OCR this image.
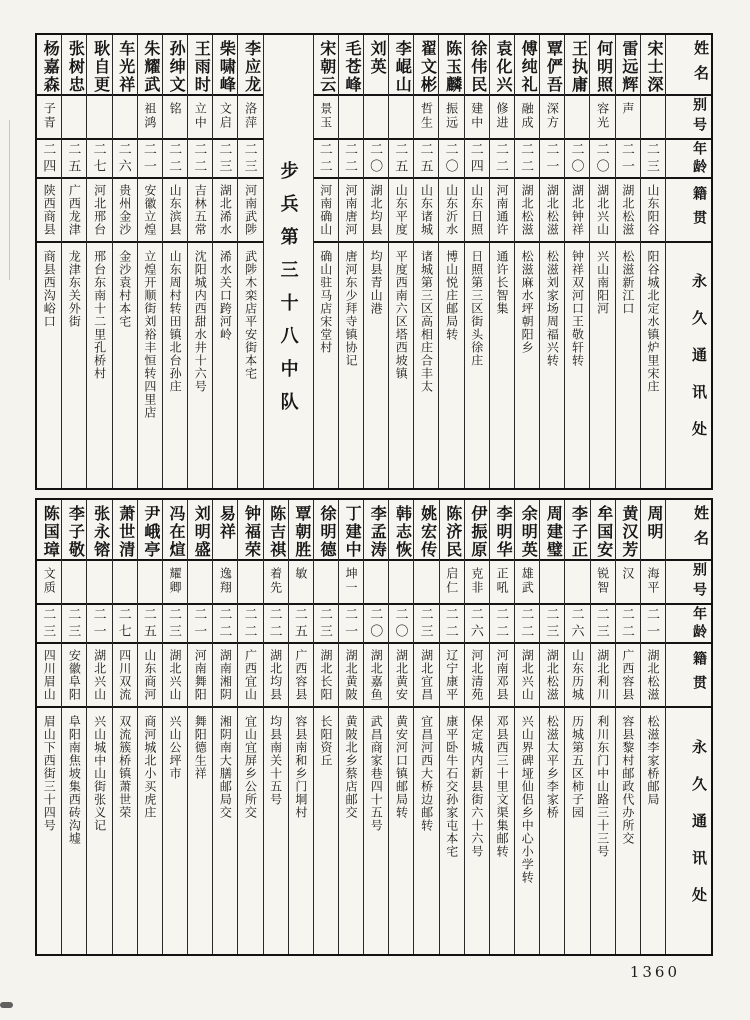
姓名
别号
年龄
籍贯
永久通讯处
宋士深
二三
山东阳谷
阳谷城北定水镇炉里宋庄
雷远辉
声
二一
湖北松滋
松滋新江口
何明照
容光
二〇
湖北兴山
兴山南阳河
王执庸
二〇
湖北钟祥
钟祥双河口王敬轩转
覃俨吾
深方
二一
湖北松滋
松滋刘家场周福兴转
傅纯礼
融成
二二
湖北松滋
松滋麻水坪朝阳乡
袁化兴
修进
二二
河南通许
通许长智集
徐伟民
建中
二四
山东日照
日照第三区街头徐庄
陈玉麟
振远
二〇
山东沂水
博山悦庄邮局转
翟文彬
哲生
二五
山东诸城
诸城第三区高相庄合丰太
李崐山
二五
山东平度
平度西南六区塔西坡镇
刘英
二〇
湖北均县
均县青山港
毛苍峰
二二
河南唐河
唐河东少拜寺镇协记
宋朝云
景玉
二二
河南确山
确山驻马店宋堂村
步兵第三十八中队
李应龙
洛萍
二三
河南武陟
武陟木栾店平安街本宅
柴啸峰
文启
二三
湖北浠水
浠水关口跨河岭
王雨时
立中
二二
吉林五常
沈阳城内西甜水井十六号
孙绅文
铭
二二
山东滨县
山东周村转田镇北台孙庄
朱耀武
祖鸿
二一
安徽立煌
立煌开顺街刘裕丰恒转四里店
车光祥
二六
贵州金沙
金沙袁村本宅
耿自更
二七
河北邢台
邢台东南十二里孔桥村
张树忠
二五
广西龙津
龙津东关外街
杨嘉森
子青
二四
陕西商县
商县西沟峪口
姓名
别号
年龄
籍贯
永久通讯处
周明
海平
二一
湖北松滋
松滋李家桥邮局
黄汉芳
汉
二二
广西容县
容县黎村邮政代办所交
牟国安
锐智
二三
湖北利川
利川东门中山路三十三号
李子正
二六
山东历城
历城第五区柿子园
周建璧
二三
湖北松滋
松滋太平乡李家桥
余明英
雄武
二二
湖北兴山
兴山界碑垭仙侣乡中心小学转
李明华
正吼
二二
河南邓县
邓县西三十里文渠集邮转
伊振原
克非
二六
河北清苑
保定城内新县街六十六号
陈济民
启仁
二二
辽宁康平
康平卧牛石交孙家屯本宅
姚宏传
二三
湖北宜昌
宜昌河西大桥边邮转
韩志恢
二〇
湖北黄安
黄安河口镇邮局转
李孟涛
二〇
湖北嘉鱼
武昌商家巷四十五号
丁建中
坤一
二一
湖北黄陂
黄陂北乡蔡店邮交
徐明德
二三
湖北长阳
长阳资丘
覃朝胜
敏
二五
广西容县
容县南和乡门垌村
陈吉祺
着先
二二
湖北均县
均县南关十五号
钟福荣
二二
广西宜山
宜山宜屏乡公所交
易祥
逸翔
二二
湖南湘阴
湘阴南大膳邮局交
刘明盛
二一
河南舞阳
舞阳德生祥
冯在煊
耀卿
二三
湖北兴山
兴山公坪市
尹峨亭
二五
山东商河
商河城北小买虎庄
萧世清
二七
四川双流
双流簇桥镇萧世荣
张永镕
二一
湖北兴山
兴山城中山街张义记
李子敬
二三
安徽阜阳
阜阳南焦坡集西砖沟墟
陈国璋
文质
二三
四川眉山
眉山下西街三十四号
1360
